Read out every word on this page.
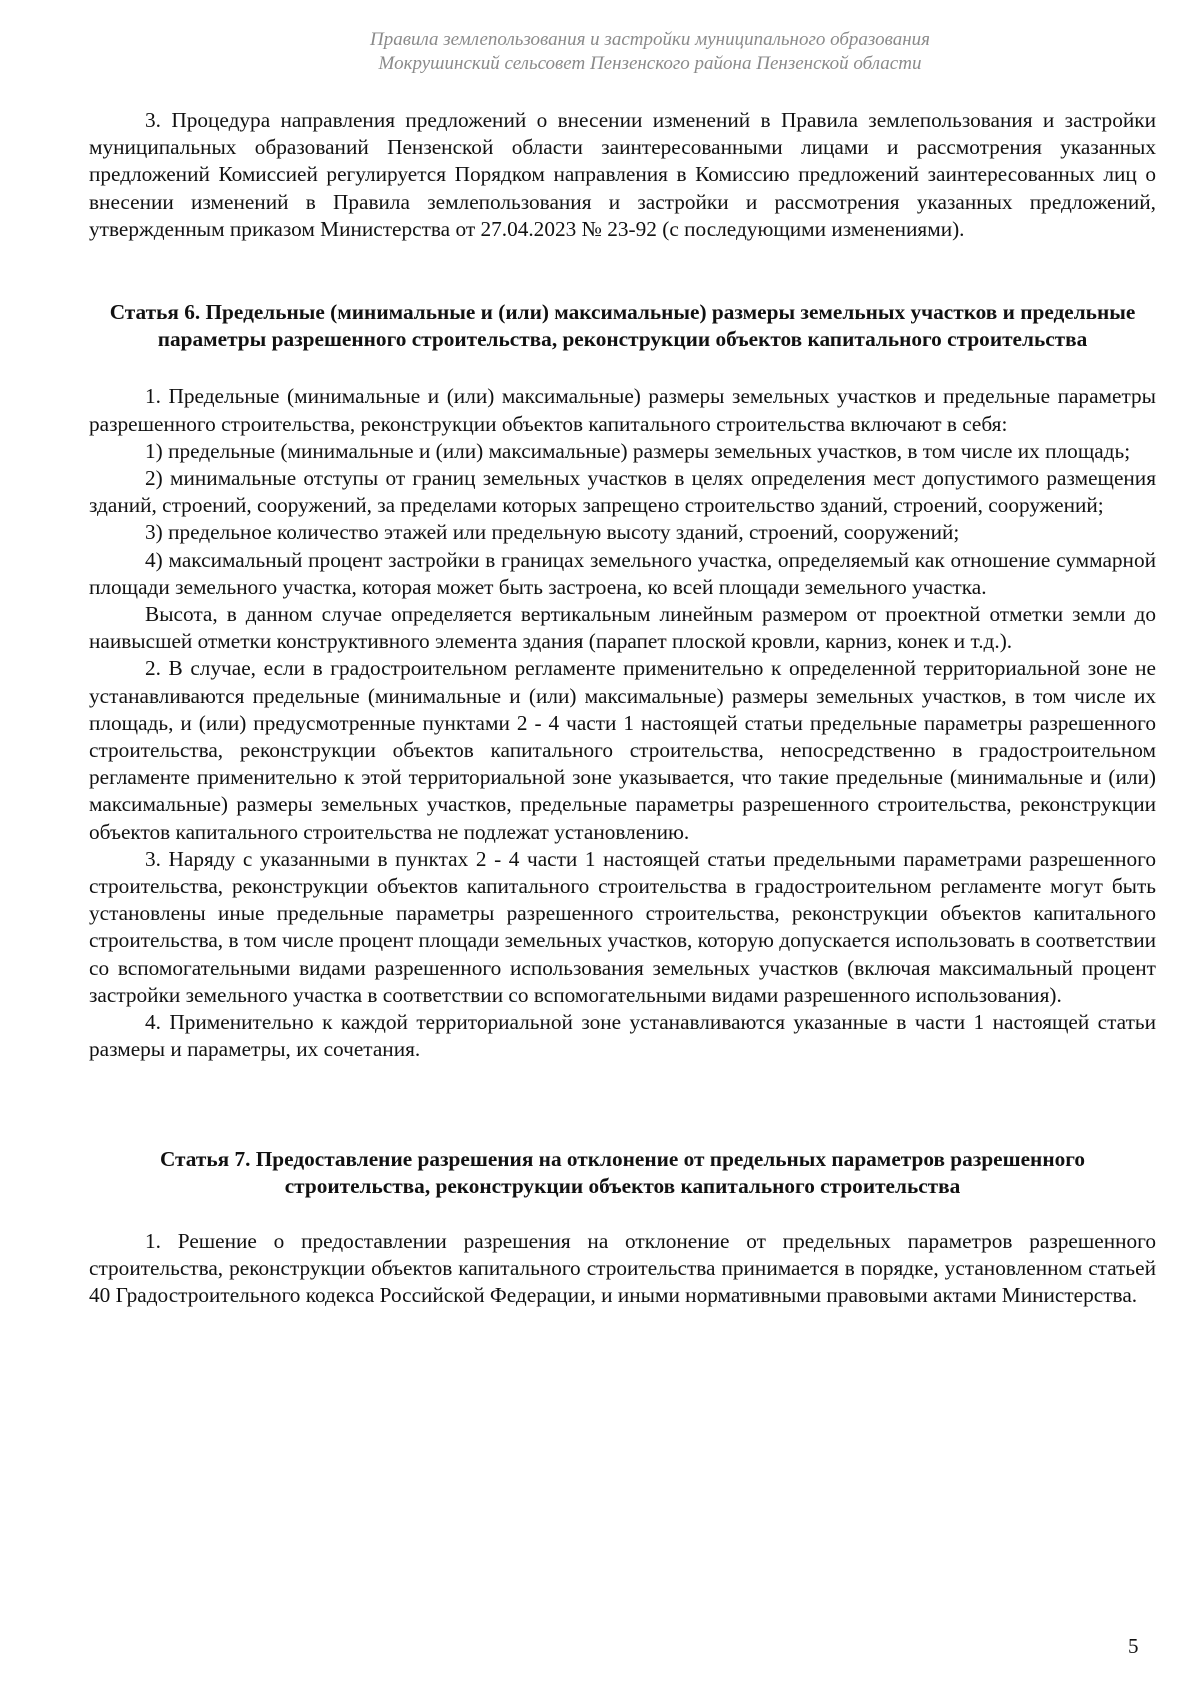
Правила землепользования и застройки муниципального образования
Мокрушинский сельсовет Пензенского района Пензенской области

3. Процедура направления предложений о внесении изменений в Правила землепользования и застройки муниципальных образований Пензенской области заинтересованными лицами и рассмотрения указанных предложений Комиссией регулируется Порядком направления в Комиссию предложений заинтересованных лиц о внесении изменений в Правила землепользования и застройки и рассмотрения указанных предложений, утвержденным приказом Министерства от 27.04.2023 № 23-92 (с последующими изменениями).

Статья 6. Предельные (минимальные и (или) максимальные) размеры земельных участков и предельные параметры разрешенного строительства, реконструкции объектов капитального строительства

1. Предельные (минимальные и (или) максимальные) размеры земельных участков и предельные параметры разрешенного строительства, реконструкции объектов капитального строительства включают в себя:

1) предельные (минимальные и (или) максимальные) размеры земельных участков, в том числе их площадь;

2) минимальные отступы от границ земельных участков в целях определения мест допустимого размещения зданий, строений, сооружений, за пределами которых запрещено строительство зданий, строений, сооружений;

3) предельное количество этажей или предельную высоту зданий, строений, сооружений;

4) максимальный процент застройки в границах земельного участка, определяемый как отношение суммарной площади земельного участка, которая может быть застроена, ко всей площади земельного участка.

Высота, в данном случае определяется вертикальным линейным размером от проектной отметки земли до наивысшей отметки конструктивного элемента здания (парапет плоской кровли, карниз, конек и т.д.).

2. В случае, если в градостроительном регламенте применительно к определенной территориальной зоне не устанавливаются предельные (минимальные и (или) максимальные) размеры земельных участков, в том числе их площадь, и (или) предусмотренные пунктами 2 - 4 части 1 настоящей статьи предельные параметры разрешенного строительства, реконструкции объектов капитального строительства, непосредственно в градостроительном регламенте применительно к этой территориальной зоне указывается, что такие предельные (минимальные и (или) максимальные) размеры земельных участков, предельные параметры разрешенного строительства, реконструкции объектов капитального строительства не подлежат установлению.

3. Наряду с указанными в пунктах 2 - 4 части 1 настоящей статьи предельными параметрами разрешенного строительства, реконструкции объектов капитального строительства в градостроительном регламенте могут быть установлены иные предельные параметры разрешенного строительства, реконструкции объектов капитального строительства, в том числе процент площади земельных участков, которую допускается использовать в соответствии со вспомогательными видами разрешенного использования земельных участков (включая максимальный процент застройки земельного участка в соответствии со вспомогательными видами разрешенного использования).

4. Применительно к каждой территориальной зоне устанавливаются указанные в части 1 настоящей статьи размеры и параметры, их сочетания.

Статья 7. Предоставление разрешения на отклонение от предельных параметров разрешенного строительства, реконструкции объектов капитального строительства

1. Решение о предоставлении разрешения на отклонение от предельных параметров разрешенного строительства, реконструкции объектов капитального строительства принимается в порядке, установленном статьей 40 Градостроительного кодекса Российской Федерации, и иными нормативными правовыми актами Министерства.

5
